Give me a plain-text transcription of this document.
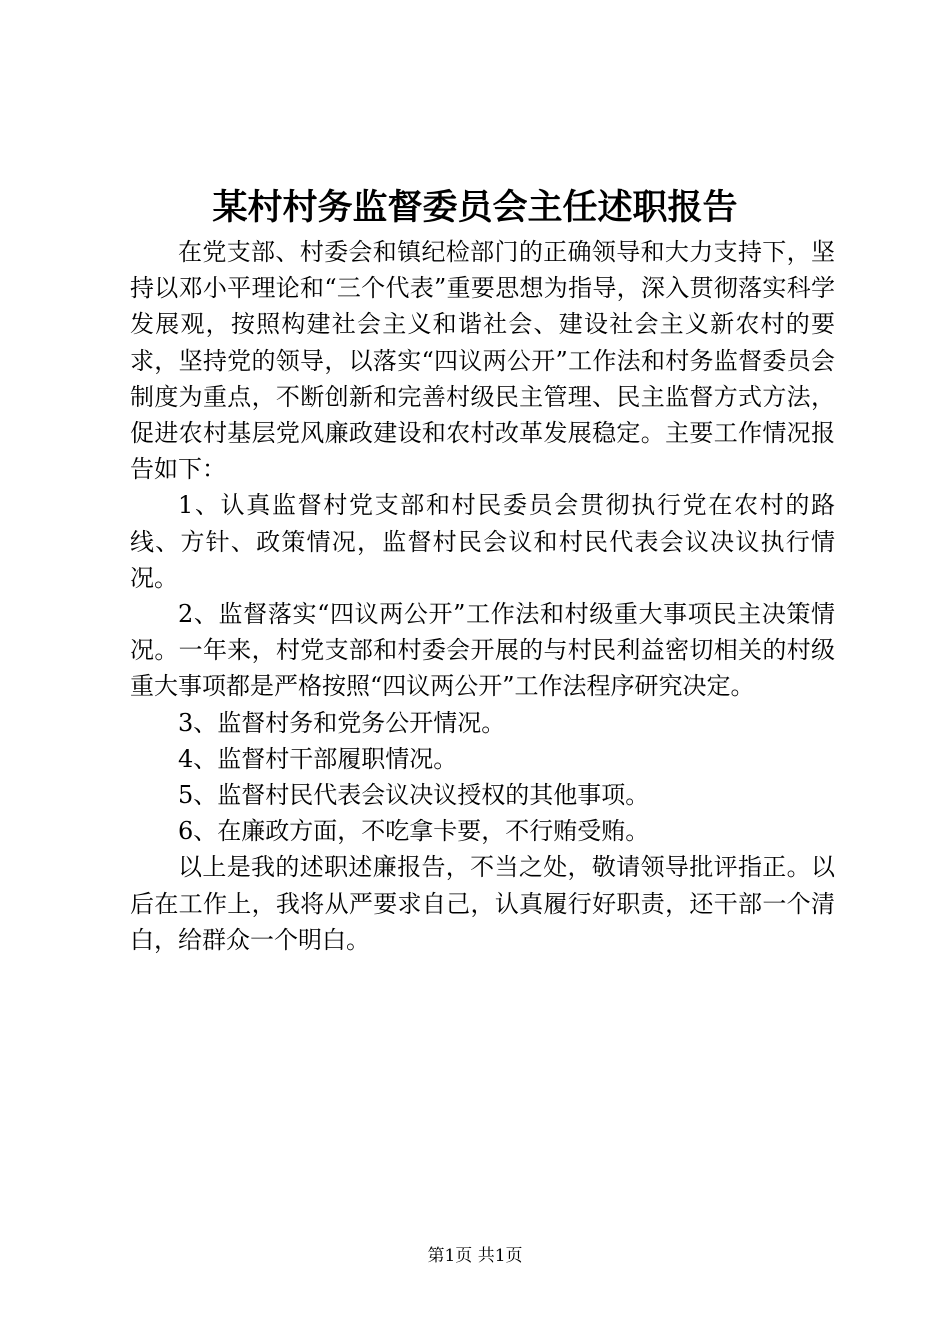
某村村务监督委员会主任述职报告

在党支部、村委会和镇纪检部门的正确领导和大力支持下，坚持以邓小平理论和“三个代表”重要思想为指导，深入贯彻落实科学发展观，按照构建社会主义和谐社会、建设社会主义新农村的要求，坚持党的领导，以落实“四议两公开”工作法和村务监督委员会制度为重点，不断创新和完善村级民主管理、民主监督方式方法，促进农村基层党风廉政建设和农村改革发展稳定。主要工作情况报告如下：

1、认真监督村党支部和村民委员会贯彻执行党在农村的路线、方针、政策情况，监督村民会议和村民代表会议决议执行情况。

2、监督落实“四议两公开”工作法和村级重大事项民主决策情况。一年来，村党支部和村委会开展的与村民利益密切相关的村级重大事项都是严格按照“四议两公开”工作法程序研究决定。

3、监督村务和党务公开情况。

4、监督村干部履职情况。

5、监督村民代表会议决议授权的其他事项。

6、在廉政方面，不吃拿卡要，不行贿受贿。

以上是我的述职述廉报告，不当之处，敬请领导批评指正。以后在工作上，我将从严要求自己，认真履行好职责，还干部一个清白，给群众一个明白。

第1页 共1页
